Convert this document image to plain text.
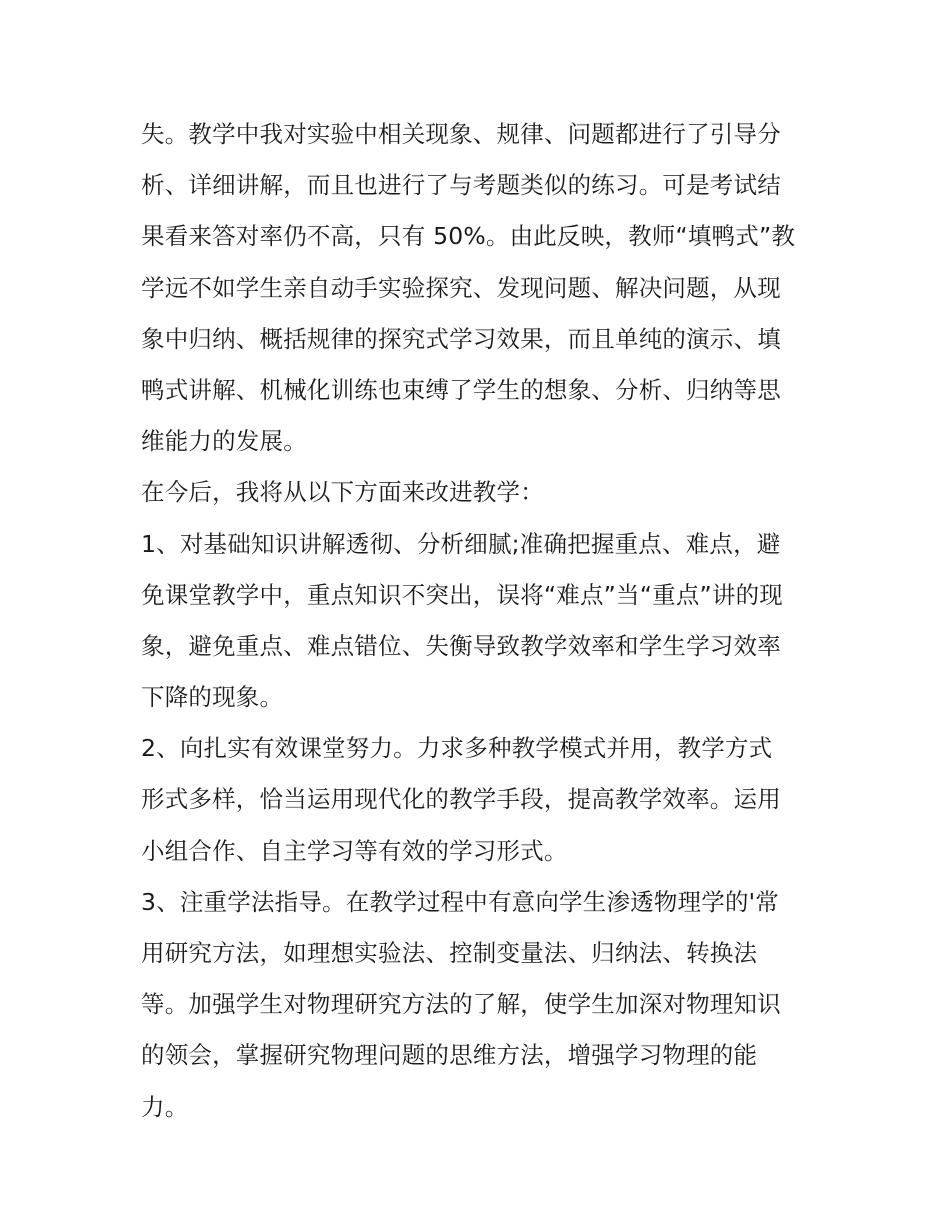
失。教学中我对实验中相关现象、规律、问题都进行了引导分
析、详细讲解，而且也进行了与考题类似的练习。可是考试结
果看来答对率仍不高，只有 50%。由此反映，教师“填鸭式”教
学远不如学生亲自动手实验探究、发现问题、解决问题，从现
象中归纳、概括规律的探究式学习效果，而且单纯的演示、填
鸭式讲解、机械化训练也束缚了学生的想象、分析、归纳等思
维能力的发展。
在今后，我将从以下方面来改进教学：
1、对基础知识讲解透彻、分析细腻;准确把握重点、难点，避
免课堂教学中，重点知识不突出，误将“难点”当“重点”讲的现
象，避免重点、难点错位、失衡导致教学效率和学生学习效率
下降的现象。
2、向扎实有效课堂努力。力求多种教学模式并用，教学方式
形式多样，恰当运用现代化的教学手段，提高教学效率。运用
小组合作、自主学习等有效的学习形式。
3、注重学法指导。在教学过程中有意向学生渗透物理学的'常
用研究方法，如理想实验法、控制变量法、归纳法、转换法
等。加强学生对物理研究方法的了解，使学生加深对物理知识
的领会，掌握研究物理问题的思维方法，增强学习物理的能
力。
